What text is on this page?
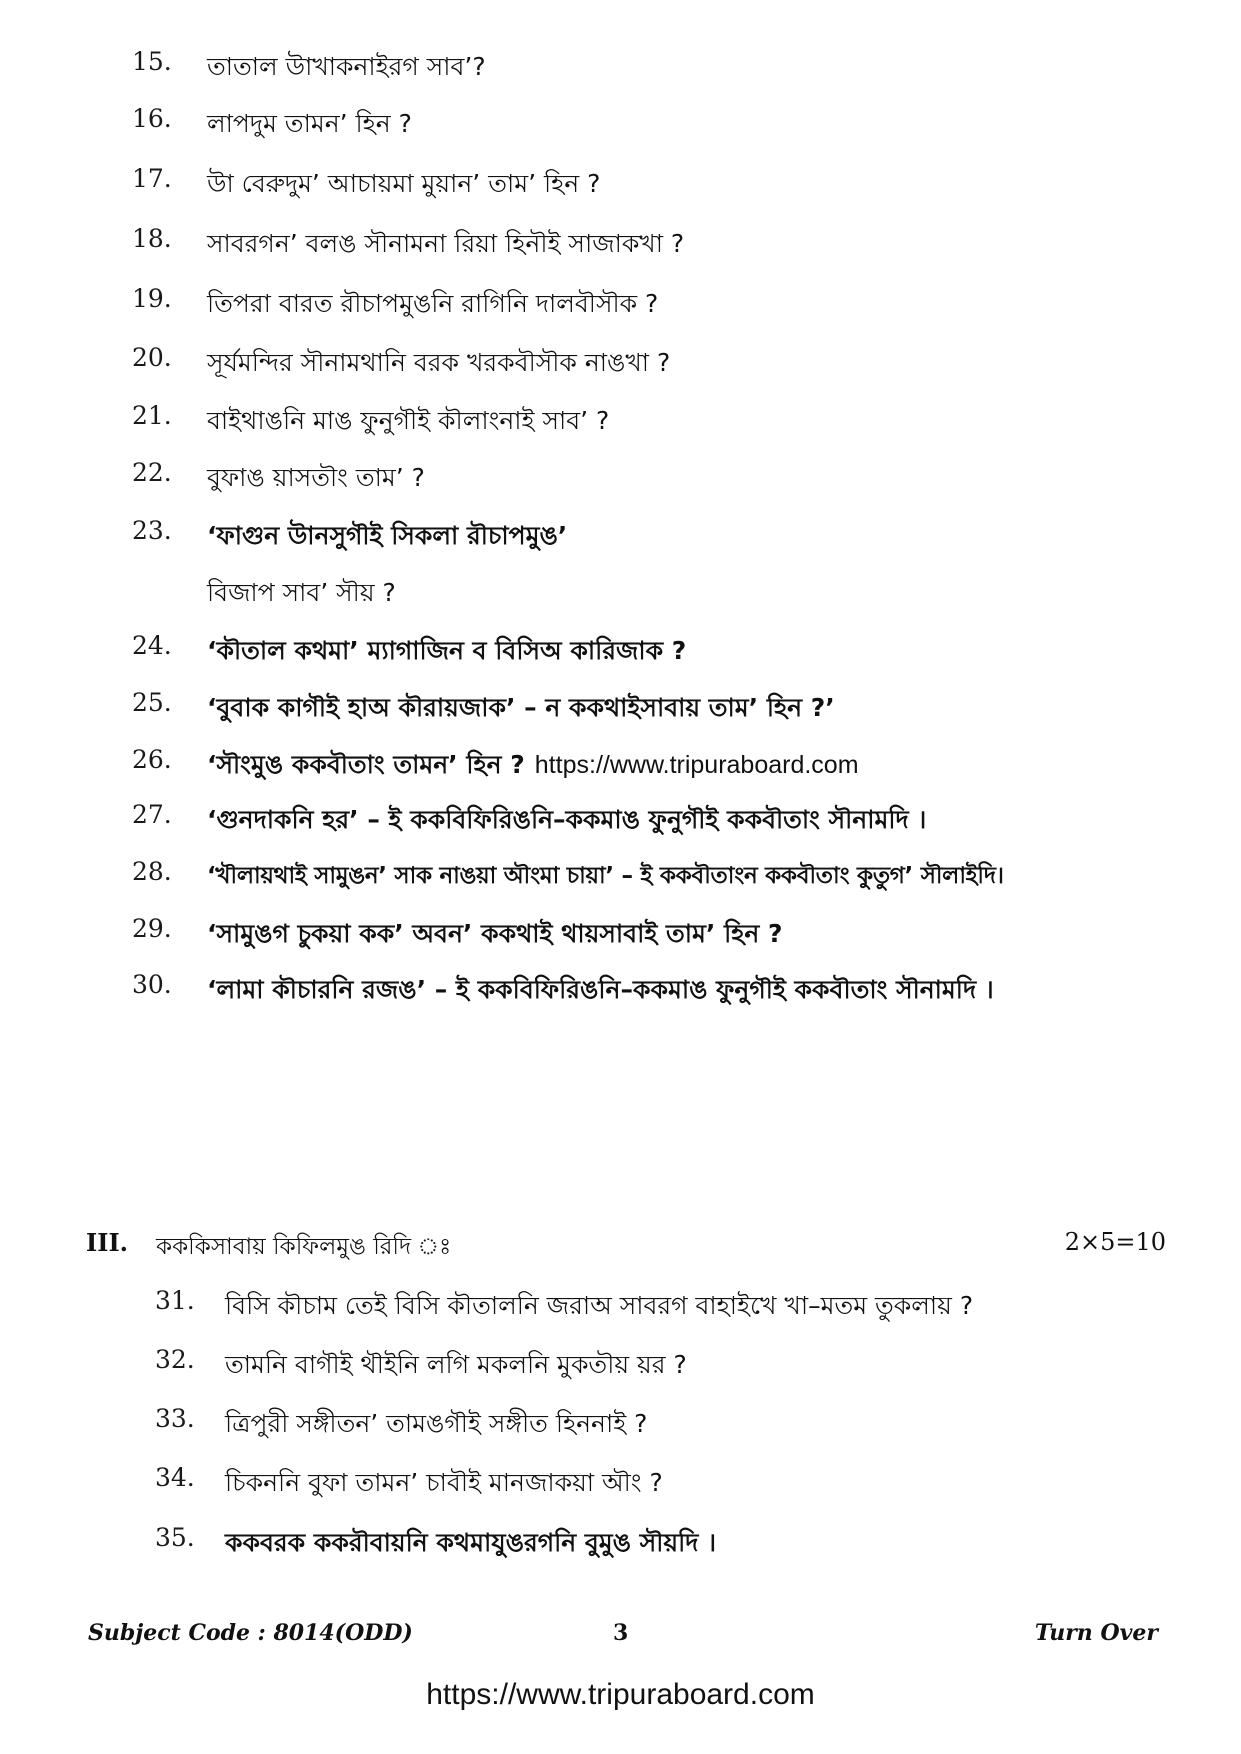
15.	তাতাল উাখাকনাইরগ সাব’?
16.	লাপদুম তামন’ হিন ?
17.	উা বেরুদুম’ আচায়মা মুয়ান’ তাম’ হিন ?
18.	সাবরগন’ বলঙ সৗনামনা রিয়া হিনৗই সাজাকখা ?
19.	তিপরা বারত রৗচাপমুঙনি রাগিনি দালবৗসৗক ?
20.	সূর্যমন্দির সৗনামথানি বরক খরকবৗসৗক নাঙখা ?
21.	বাইথাঙনি মাঙ ফুনুগৗই কৗলাংনাই সাব’ ?
22.	বুফাঙ য়াসতৗং তাম’ ?
23.	‘ফাগুন উানসুগৗই সিকলা রৗচাপমুঙ’
বিজাপ সাব’ সৗয় ?
24.	‘কৗতাল কথমা’ ম্যাগাজিন ব বিসিঅ কারিজাক ?
25.	‘বুবাক কাগৗই হাঅ কৗরায়জাক’ – ন ককথাইসাবায় তাম’ হিন ?’
26.	‘সৗংমুঙ ককবৗতাং তামন’ হিন ? https://www.tripuraboard.com
27.	‘গুনদাকনি হর’ – ই ককবিফিরিঙনি–ককমাঙ ফুনুগৗই ককবৗতাং সৗনামদি ।
28.	‘খৗলায়থাই সামুঙন’ সাক নাঙয়া অৗংমা চায়া’ – ই ককবৗতাংন ককবৗতাং কুতুগ’ সৗলাইদি।
29.	‘সামুঙগ চুকয়া কক’ অবন’ ককথাই থায়সাবাই তাম’ হিন ?
30.	‘লামা কৗচারনি রজঙ’ – ই ককবিফিরিঙনি–ককমাঙ ফুনুগৗই ককবৗতাং সৗনামদি ।
III. কককিসাবায় কিফিলমুঙ রিদি ঃ	2×5=10
31.	বিসি কৗচাম তেই বিসি কৗতালনি জরাঅ সাবরগ বাহাইখে খা–মতম তুকলায় ?
32.	তামনি বাগৗই থৗইনি লগি মকলনি মুকতৗয় য়র ?
33.	ত্রিপুরী সঙ্গীতন’ তামঙগৗই সঙ্গীত হিননাই ?
34.	চিকননি বুফা তামন’ চাবৗই মানজাকয়া অৗং ?
35.	ককবরক ককরৗবায়নি কথমাযুঙরগনি বুমুঙ সৗয়দি ।
Subject Code : 8014(ODD)	3	Turn Over
https://www.tripuraboard.com
